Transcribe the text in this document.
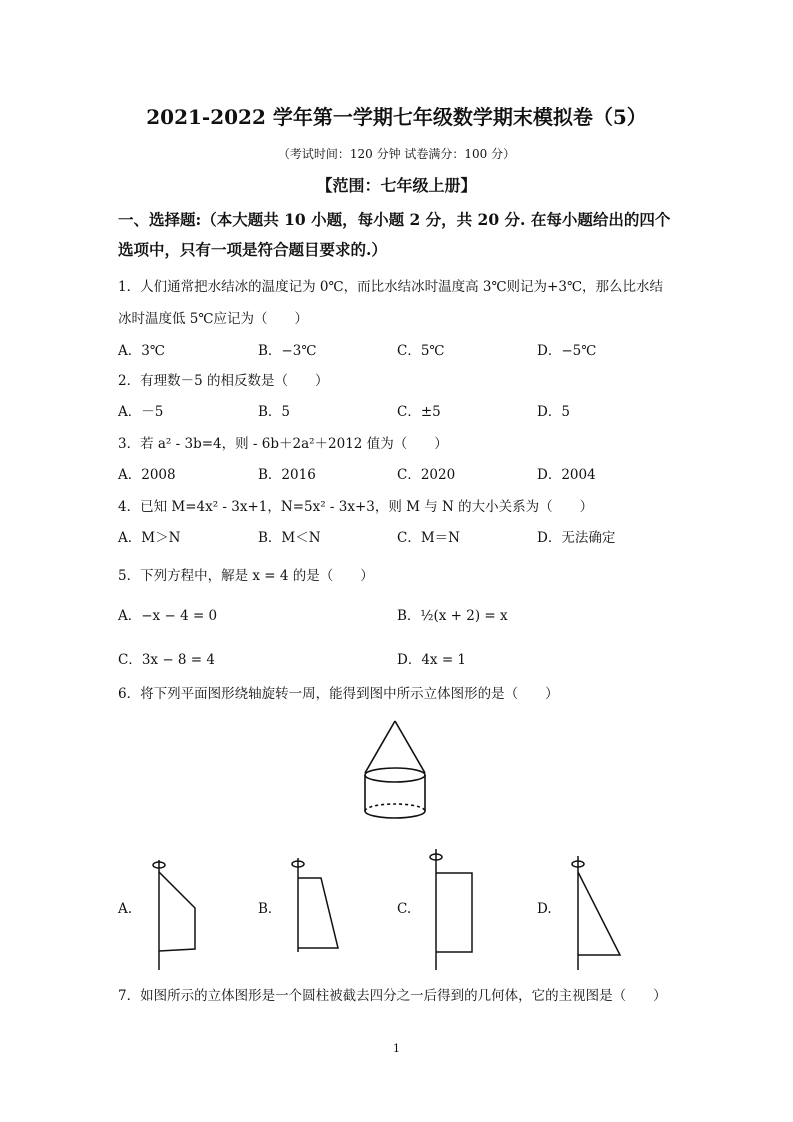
2021-2022 学年第一学期七年级数学期末模拟卷（5）
（考试时间：120 分钟 试卷满分：100 分）
【范围：七年级上册】
一、选择题:（本大题共 10 小题，每小题 2 分，共 20 分. 在每小题给出的四个
选项中，只有一项是符合题目要求的.）
1．人们通常把水结冰的温度记为 0℃，而比水结冰时温度高 3℃则记为+3℃，那么比水结
冰时温度低 5℃应记为（　　）
A．3℃	B．−3℃	C．5℃	D．−5℃
2．有理数－5 的相反数是（　　）
A．－5	B．5	C．±5	D．5
3．若 a² - 3b=4，则 - 6b＋2a²＋2012 值为（　　）
A．2008	B．2016	C．2020	D．2004
4．已知 M=4x² - 3x+1，N=5x² - 3x+3，则 M 与 N 的大小关系为（　　）
A．M＞N	B．M＜N	C．M＝N	D．无法确定
5．下列方程中，解是 x = 4 的是（　　）
A．−x − 4 = 0	B．½(x + 2) = x
C．3x − 8 = 4	D．4x = 1
6．将下列平面图形绕轴旋转一周，能得到图中所示立体图形的是（　　）
A.	B．	C.	D.
7．如图所示的立体图形是一个圆柱被截去四分之一后得到的几何体，它的主视图是（　　）
1
